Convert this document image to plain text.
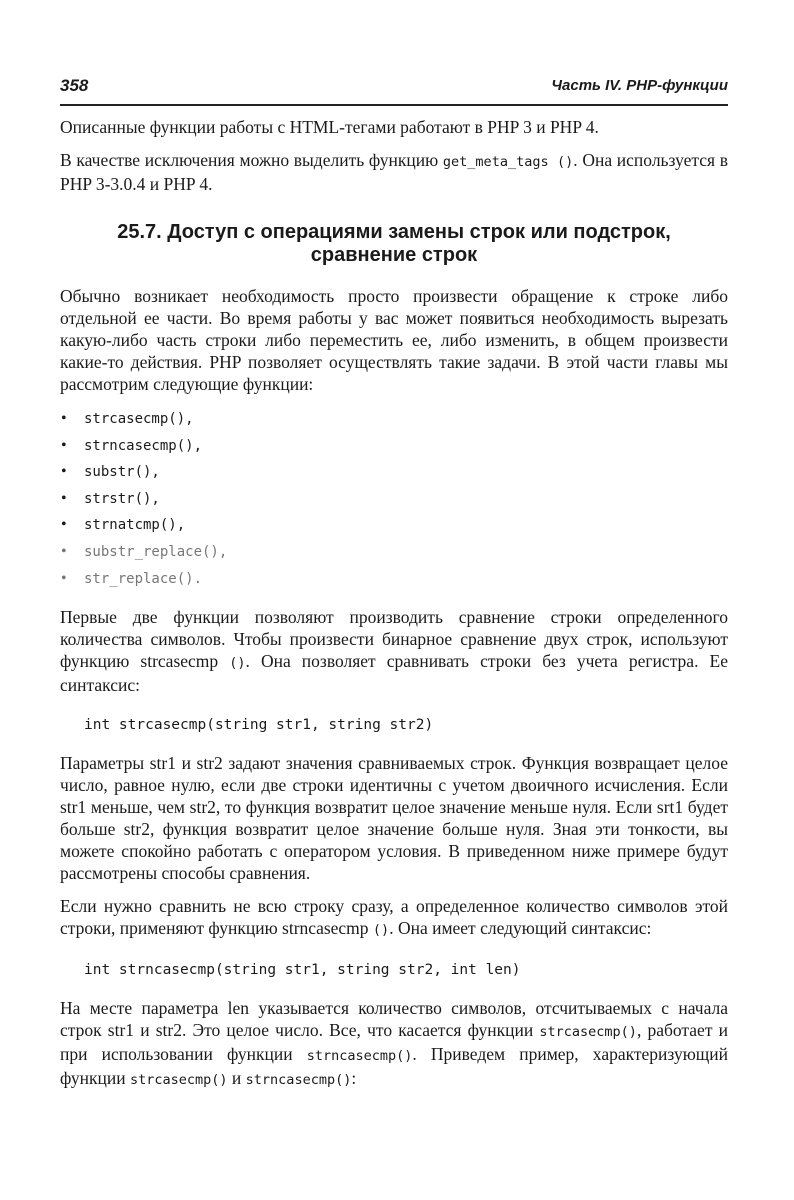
358	Часть IV. PHP-функции

Описанные функции работы с HTML-тегами работают в PHP 3 и PHP 4.

В качестве исключения можно выделить функцию get_meta_tags (). Она используется в PHP 3-3.0.4 и PHP 4.

25.7. Доступ с операциями замены строк или подстрок,
сравнение строк

Обычно возникает необходимость просто произвести обращение к строке либо отдельной ее части. Во время работы у вас может появиться необходимость вырезать какую-либо часть строки либо переместить ее, либо изменить, в общем произвести какие-то действия. PHP позволяет осуществлять такие задачи. В этой части главы мы рассмотрим следующие функции:

• strcasecmp(),
• strncasecmp(),
• substr(),
• strstr(),
• strnatcmp(),
• substr_replace(),
• str_replace().

Первые две функции позволяют производить сравнение строки определенного количества символов. Чтобы произвести бинарное сравнение двух строк, используют функцию strcasecmp (). Она позволяет сравнивать строки без учета регистра. Ее синтаксис:

int strcasecmp(string str1, string str2)

Параметры str1 и str2 задают значения сравниваемых строк. Функция возвращает целое число, равное нулю, если две строки идентичны с учетом двоичного исчисления. Если str1 меньше, чем str2, то функция возвратит целое значение меньше нуля. Если srt1 будет больше str2, функция возвратит целое значение больше нуля. Зная эти тонкости, вы можете спокойно работать с оператором условия. В приведенном ниже примере будут рассмотрены способы сравнения.

Если нужно сравнить не всю строку сразу, а определенное количество символов этой строки, применяют функцию strncasecmp (). Она имеет следующий синтаксис:

int strncasecmp(string str1, string str2, int len)

На месте параметра len указывается количество символов, отсчитываемых с начала строк str1 и str2. Это целое число. Все, что касается функции strcasecmp(), работает и при использовании функции strncasecmp(). Приведем пример, характеризующий функции strcasecmp() и strncasecmp():
